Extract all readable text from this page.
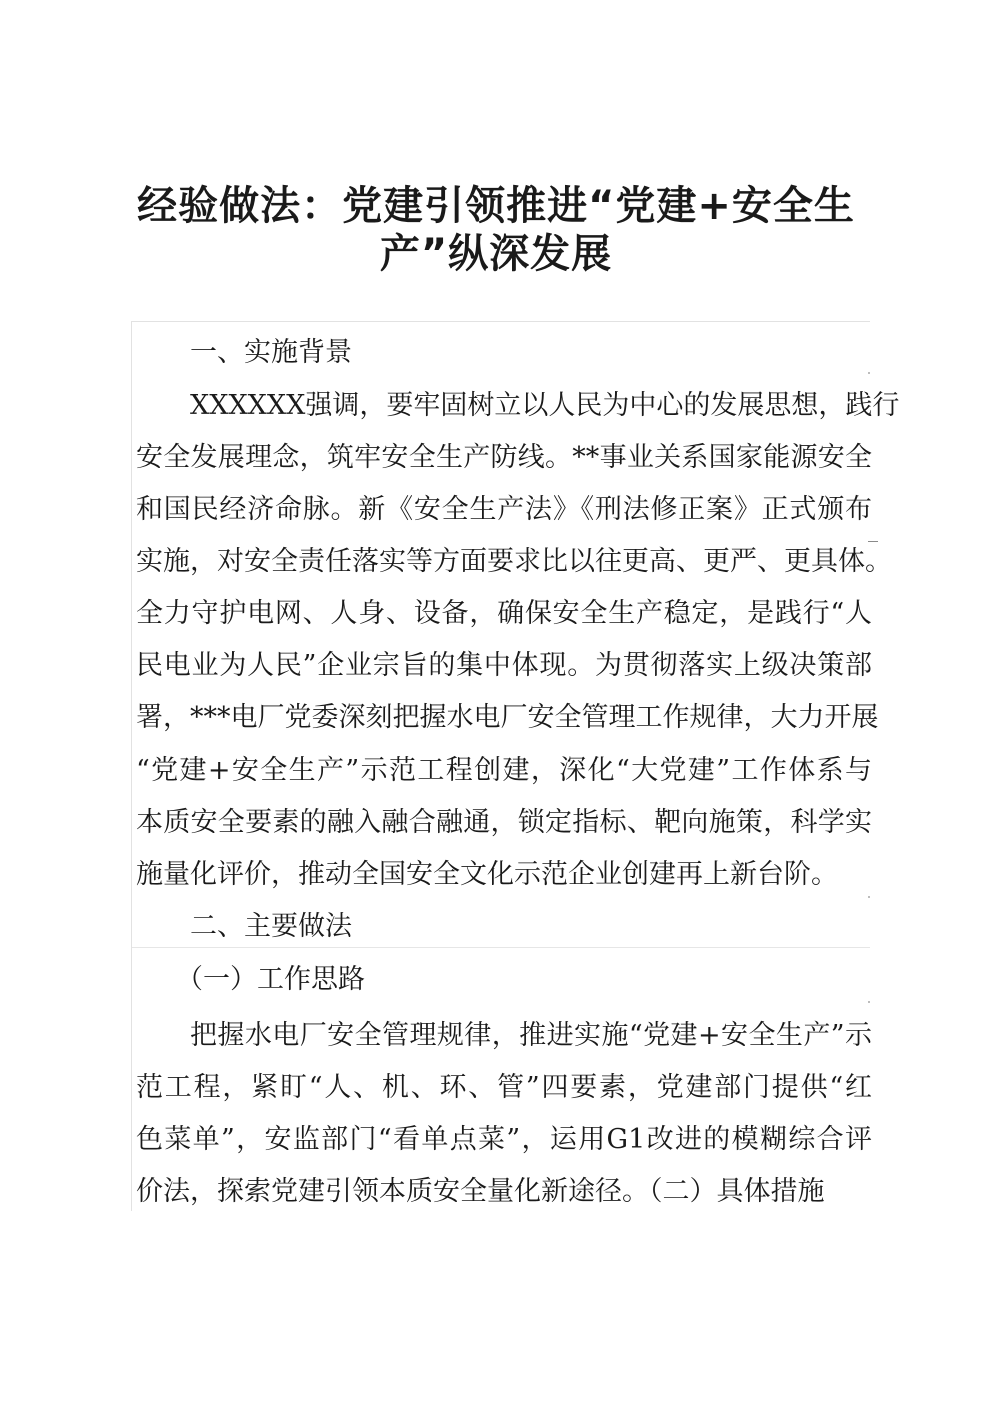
经验做法：党建引领推进“党建+安全生
产”纵深发展

一、实施背景

XXXXXX强调，要牢固树立以人民为中心的发展思想，践行

安全发展理念，筑牢安全生产防线。**事业关系国家能源安全

和国民经济命脉。新《安全生产法》《刑法修正案》正式颁布

实施，对安全责任落实等方面要求比以往更高、更严、更具体。

全力守护电网、人身、设备，确保安全生产稳定，是践行“人

民电业为人民”企业宗旨的集中体现。为贯彻落实上级决策部

署，***电厂党委深刻把握水电厂安全管理工作规律，大力开展

“党建+安全生产”示范工程创建，深化“大党建”工作体系与

本质安全要素的融入融合融通，锁定指标、靶向施策，科学实

施量化评价，推动全国安全文化示范企业创建再上新台阶。

二、主要做法

（一）工作思路

把握水电厂安全管理规律，推进实施“党建+安全生产”示

范工程，紧盯“人、机、环、管”四要素，党建部门提供“红

色菜单”，安监部门“看单点菜”，运用G1改进的模糊综合评

价法，探索党建引领本质安全量化新途径。（二）具体措施
